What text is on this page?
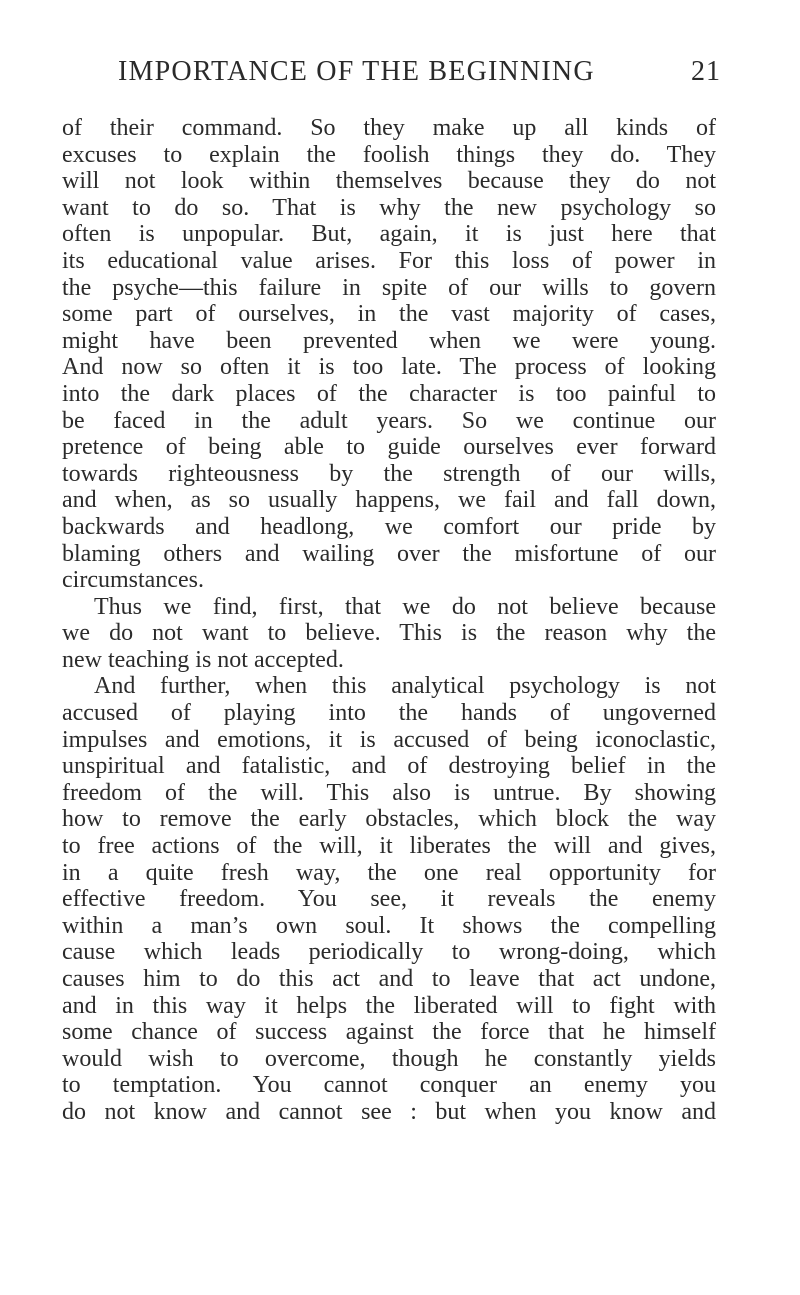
IMPORTANCE OF THE BEGINNING	21
of their command. So they make up all kinds of
excuses to explain the foolish things they do. They
will not look within themselves because they do not
want to do so. That is why the new psychology so
often is unpopular. But, again, it is just here that
its educational value arises. For this loss of power in
the psyche—this failure in spite of our wills to govern
some part of ourselves, in the vast majority of cases,
might have been prevented when we were young.
And now so often it is too late. The process of looking
into the dark places of the character is too painful to
be faced in the adult years. So we continue our
pretence of being able to guide ourselves ever forward
towards righteousness by the strength of our wills,
and when, as so usually happens, we fail and fall down,
backwards and headlong, we comfort our pride by
blaming others and wailing over the misfortune of our
circumstances.
Thus we find, first, that we do not believe because
we do not want to believe. This is the reason why the
new teaching is not accepted.
And further, when this analytical psychology is not
accused of playing into the hands of ungoverned
impulses and emotions, it is accused of being iconoclastic,
unspiritual and fatalistic, and of destroying belief in the
freedom of the will. This also is untrue. By showing
how to remove the early obstacles, which block the way
to free actions of the will, it liberates the will and gives,
in a quite fresh way, the one real opportunity for
effective freedom. You see, it reveals the enemy
within a man’s own soul. It shows the compelling
cause which leads periodically to wrong-doing, which
causes him to do this act and to leave that act undone,
and in this way it helps the liberated will to fight with
some chance of success against the force that he himself
would wish to overcome, though he constantly yields
to temptation. You cannot conquer an enemy you
do not know and cannot see : but when you know and
